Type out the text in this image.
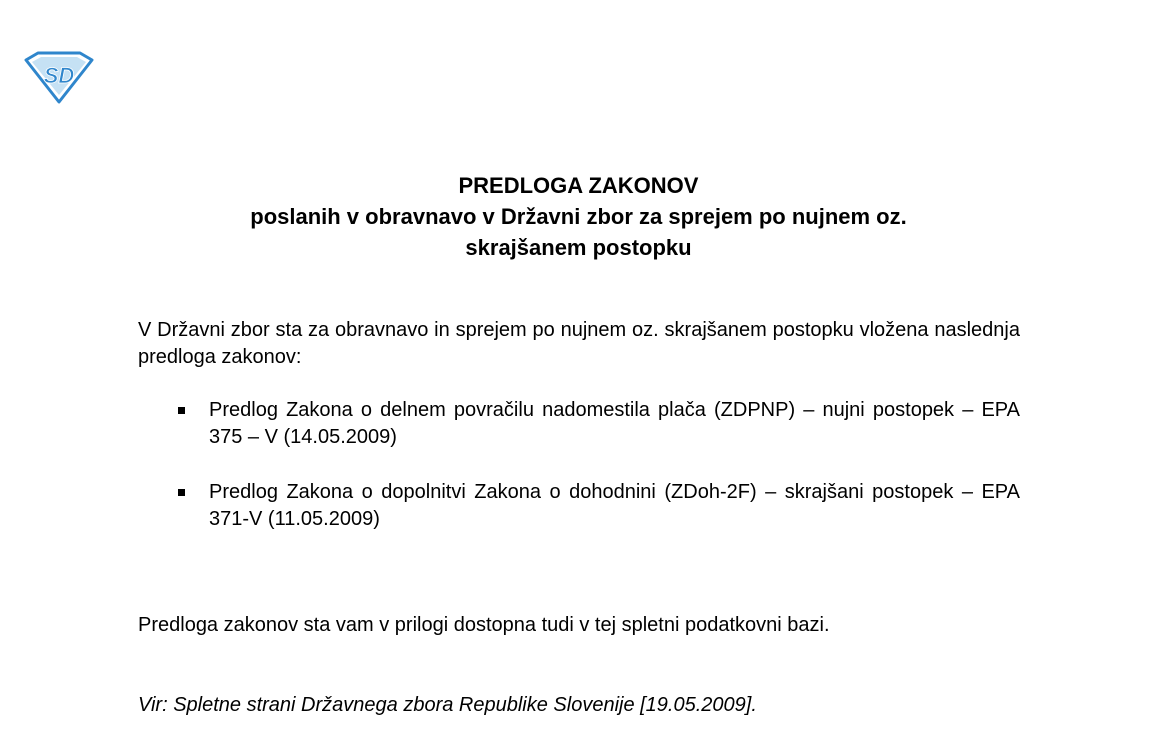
SD
PREDLOGA ZAKONOV
poslanih v obravnavo v Državni zbor za sprejem po nujnem oz.
skrajšanem postopku
V Državni zbor sta za obravnavo in sprejem po nujnem oz. skrajšanem postopku vložena naslednja predloga zakonov:
Predlog Zakona o delnem povračilu nadomestila plača (ZDPNP) – nujni postopek – EPA 375 – V (14.05.2009)
Predlog Zakona o dopolnitvi Zakona o dohodnini (ZDoh-2F) – skrajšani postopek – EPA 371-V (11.05.2009)
Predloga zakonov sta vam v prilogi dostopna tudi v tej spletni podatkovni bazi.
Vir: Spletne strani Državnega zbora Republike Slovenije [19.05.2009].
